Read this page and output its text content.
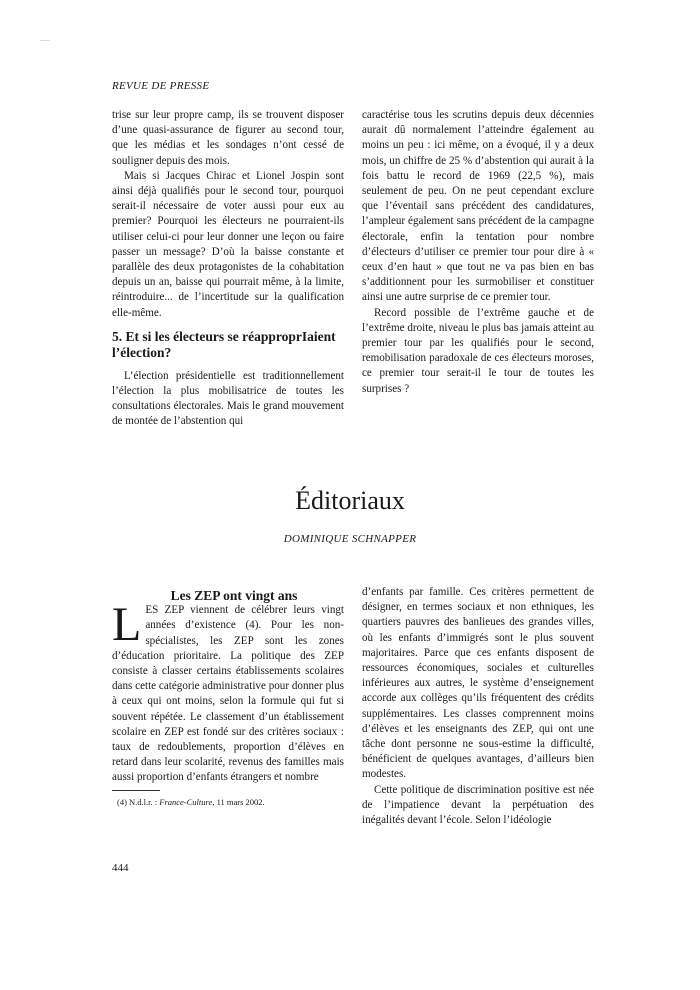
REVUE DE PRESSE

trise sur leur propre camp, ils se trouvent disposer d’une quasi-assurance de figurer au second tour, que les médias et les sondages n’ont cessé de souligner depuis des mois.

Mais si Jacques Chirac et Lionel Jospin sont ainsi déjà qualifiés pour le second tour, pourquoi serait-il nécessaire de voter aussi pour eux au premier? Pourquoi les électeurs ne pourraient-ils utiliser celui-ci pour leur donner une leçon ou faire passer un message? D’où la baisse constante et parallèle des deux protagonistes de la cohabitation depuis un an, baisse qui pourrait même, à la limite, réintroduire... de l’incertitude sur la qualification elle-même.

5. Et si les électeurs se réapproprIaient l’élection?

L’élection présidentielle est traditionnellement l’élection la plus mobilisatrice de toutes les consultations électorales. Mais le grand mouvement de montée de l’abstention qui

caractérise tous les scrutins depuis deux décennies aurait dû normalement l’atteindre également au moins un peu : ici même, on a évoqué, il y a deux mois, un chiffre de 25 % d’abstention qui aurait à la fois battu le record de 1969 (22,5 %), mais seulement de peu. On ne peut cependant exclure que l’éventail sans précédent des candidatures, l’ampleur également sans précédent de la campagne électorale, enfin la tentation pour nombre d’électeurs d’utiliser ce premier tour pour dire à « ceux d’en haut » que tout ne va pas bien en bas s’additionnent pour les surmobiliser et constituer ainsi une autre surprise de ce premier tour.

Record possible de l’extrême gauche et de l’extrême droite, niveau le plus bas jamais atteint au premier tour par les qualifiés pour le second, remobilisation paradoxale de ces électeurs moroses, ce premier tour serait-il le tour de toutes les surprises ?

Éditoriaux
DOMINIQUE SCHNAPPER

Les ZEP ont vingt ans

LES ZEP viennent de célébrer leurs vingt années d’existence (4). Pour les non-spécialistes, les ZEP sont les zones d’éducation prioritaire. La politique des ZEP consiste à classer certains établissements scolaires dans cette catégorie administrative pour donner plus à ceux qui ont moins, selon la formule qui fut si souvent répétée. Le classement d’un établissement scolaire en ZEP est fondé sur des critères sociaux : taux de redoublements, proportion d’élèves en retard dans leur scolarité, revenus des familles mais aussi proportion d’enfants étrangers et nombre

d’enfants par famille. Ces critères permettent de désigner, en termes sociaux et non ethniques, les quartiers pauvres des banlieues des grandes villes, où les enfants d’immigrés sont le plus souvent majoritaires. Parce que ces enfants disposent de ressources économiques, sociales et culturelles inférieures aux autres, le système d’enseignement accorde aux collèges qu’ils fréquentent des crédits supplémentaires. Les classes comprennent moins d’élèves et les enseignants des ZEP, qui ont une tâche dont personne ne sous-estime la difficulté, bénéficient de quelques avantages, d’ailleurs bien modestes.

Cette politique de discrimination positive est née de l’impatience devant la perpétuation des inégalités devant l’école. Selon l’idéologie

(4) N.d.l.r. : France-Culture, 11 mars 2002.
444
